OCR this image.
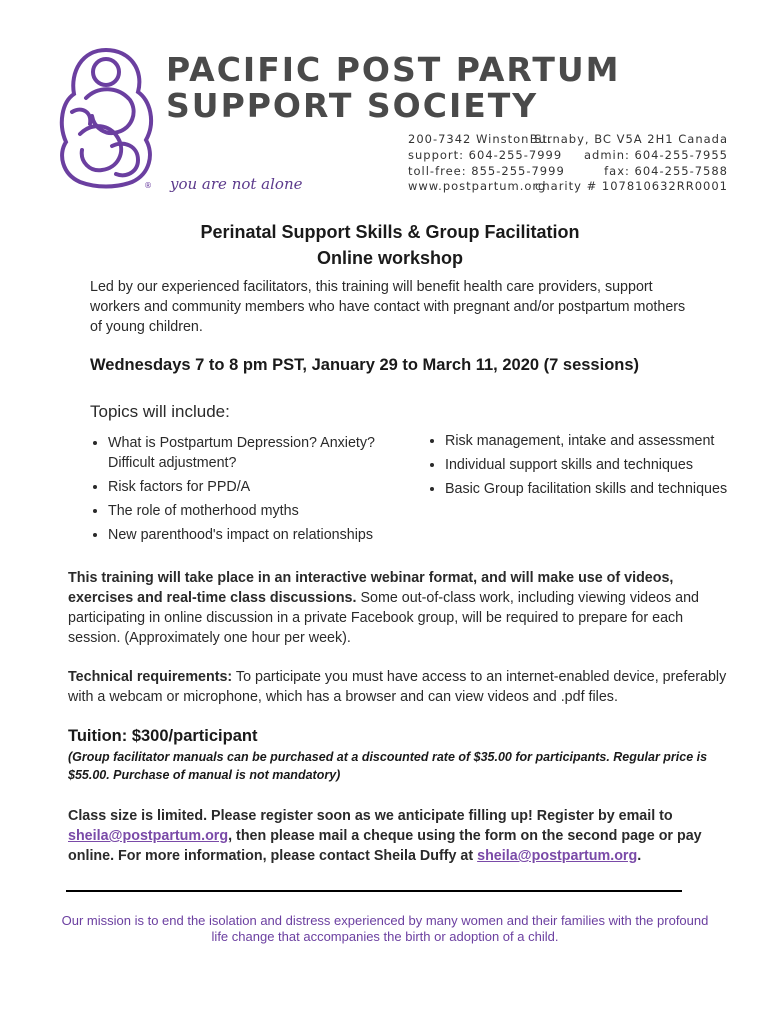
®
PACIFIC POST PARTUM
SUPPORT SOCIETY
you are not alone
200-7342 Winston St.
Burnaby, BC V5A 2H1 Canada
support: 604-255-7999 admin: 604-255-7955
toll-free: 855-255-7999	fax: 604-255-7588
www.postpartum.org
charity # 107810632RR0001
Perinatal Support Skills & Group Facilitation
Online workshop
Led by our experienced facilitators, this training will benefit health care providers, support workers and community members who have contact with pregnant and/or postpartum mothers of young children.
Wednesdays 7 to 8 pm PST, January 29 to March 11, 2020 (7 sessions)
Topics will include:
• What is Postpartum Depression? Anxiety? Difficult adjustment?
• Risk factors for PPD/A
• The role of motherhood myths
• New parenthood's impact on relationships
• Risk management, intake and assessment
• Individual support skills and techniques
• Basic Group facilitation skills and techniques
This training will take place in an interactive webinar format, and will make use of videos, exercises and real-time class discussions. Some out-of-class work, including viewing videos and participating in online discussion in a private Facebook group, will be required to prepare for each session. (Approximately one hour per week).
Technical requirements: To participate you must have access to an internet-enabled device, preferably with a webcam or microphone, which has a browser and can view videos and .pdf files.
Tuition: $300/participant
(Group facilitator manuals can be purchased at a discounted rate of $35.00 for participants. Regular price is $55.00. Purchase of manual is not mandatory)
Class size is limited. Please register soon as we anticipate filling up! Register by email to sheila@postpartum.org, then please mail a cheque using the form on the second page or pay online. For more information, please contact Sheila Duffy at sheila@postpartum.org.
Our mission is to end the isolation and distress experienced by many women and their families with the profound life change that accompanies the birth or adoption of a child.
